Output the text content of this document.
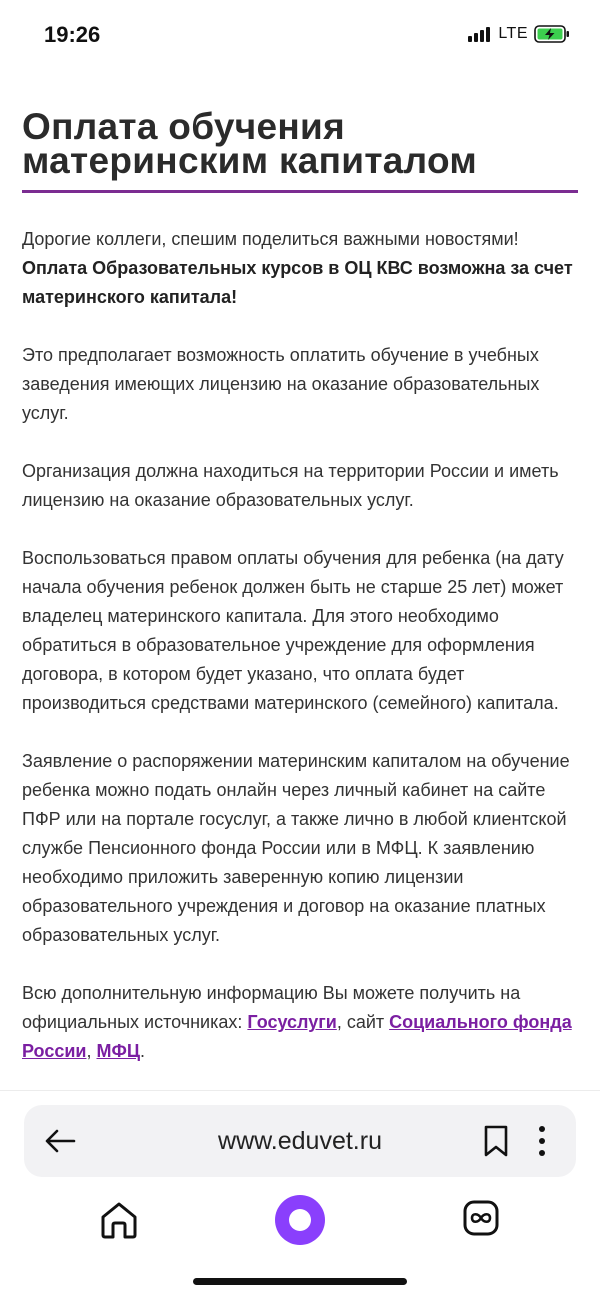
19:26	LTE
Оплата обучения
материнским капиталом

Дорогие коллеги, спешим поделиться важными новостями! Оплата Образовательных курсов в ОЦ КВС возможна за счет материнского капитала!

Это предполагает возможность оплатить обучение в учебных заведения имеющих лицензию на оказание образовательных услуг.

Организация должна находиться на территории России и иметь лицензию на оказание образовательных услуг.

Воспользоваться правом оплаты обучения для ребенка (на дату начала обучения ребенок должен быть не старше 25 лет) может владелец материнского капитала. Для этого необходимо обратиться в образовательное учреждение для оформления договора, в котором будет указано, что оплата будет производиться средствами материнского (семейного) капитала.

Заявление о распоряжении материнским капиталом на обучение ребенка можно подать онлайн через личный кабинет на сайте ПФР или на портале госуслуг, а также лично в любой клиентской службе Пенсионного фонда России или в МФЦ. К заявлению необходимо приложить заверенную копию лицензии образовательного учреждения и договор на оказание платных образовательных услуг.

Всю дополнительную информацию Вы можете получить на официальных источниках: Госуслуги, сайт Социального фонда России, МФЦ.

www.eduvet.ru
